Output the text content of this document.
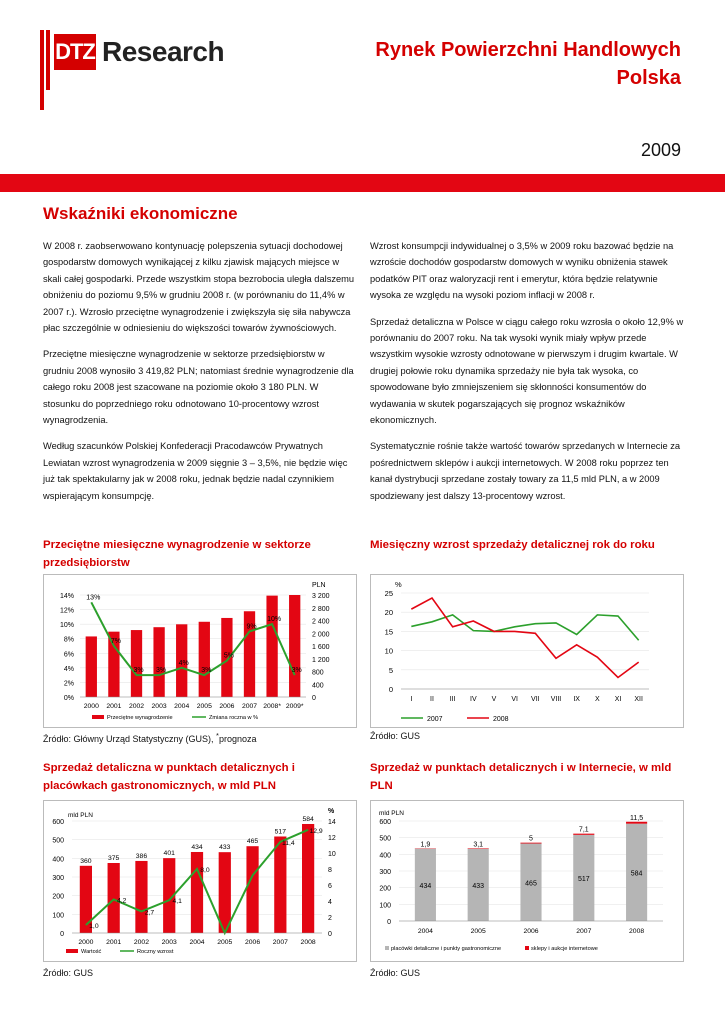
DTZ Research	Rynek Powierzchni Handlowych
Polska
2009
Wskaźniki ekonomiczne

W 2008 r. zaobserwowano kontynuację polepszenia sytuacji dochodowej gospodarstw domowych wynikającej z kilku zjawisk mających miejsce w skali całej gospodarki. Przede wszystkim stopa bezrobocia uległa dalszemu obniżeniu do poziomu 9,5% w grudniu 2008 r. (w porównaniu do 11,4% w 2007 r.). Wzrosło przeciętne wynagrodzenie i zwiększyła się siła nabywcza płac szczególnie w odniesieniu do większości towarów żywnościowych.

Przeciętne miesięczne wynagrodzenie w sektorze przedsiębiorstw w grudniu 2008 wynosiło 3 419,82 PLN; natomiast średnie wynagrodzenie dla całego roku 2008 jest szacowane na poziomie około 3 180 PLN. W stosunku do poprzedniego roku odnotowano 10-procentowy wzrost wynagrodzenia.

Według szacunków Polskiej Konfederacji Pracodawców Prywatnych Lewiatan wzrost wynagrodzenia w 2009 sięgnie 3 – 3,5%, nie będzie więc już tak spektakularny jak w 2008 roku, jednak będzie nadal czynnikiem wspierającym konsumpcję.

Wzrost konsumpcji indywidualnej o 3,5% w 2009 roku bazować będzie na wzroście dochodów gospodarstw domowych w wyniku obniżenia stawek podatków PIT oraz waloryzacji rent i emerytur, która będzie relatywnie wysoka ze względu na wysoki poziom inflacji w 2008 r.

Sprzedaż detaliczna w Polsce w ciągu całego roku wzrosła o około 12,9% w porównaniu do 2007 roku. Na tak wysoki wynik miały wpływ przede wszystkim wysokie wzrosty odnotowane w pierwszym i drugim kwartale. W drugiej połowie roku dynamika sprzedaży nie była tak wysoka, co spowodowane było zmniejszeniem się skłonności konsumentów do wydawania w skutek pogarszających się prognoz wskaźników ekonomicznych.

Systematycznie rośnie także wartość towarów sprzedanych w Internecie za pośrednictwem sklepów i aukcji internetowych. W 2008 roku poprzez ten kanał dystrybucji sprzedane zostały towary za 11,5 mld PLN, a w 2009 spodziewany jest dalszy 13-procentowy wzrost.

Przeciętne miesięczne wynagrodzenie w sektorze przedsiębiorstw
0%
2%
4%
6%
8%
10%
12%
14%
0
400
800
1 200
1 600
2 000
2 400
2 800
3 200
PLN
13%
7%
3% 3%
4%
3%
5%
9%
10%
3%
2000 2001 2002 2003 2004 2005 2006 2007 2008* 2009*
Przeciętne wynagrodzenie	Zmiana roczna w %
Źródło: Główny Urząd Statystyczny (GUS), *prognoza
Miesięczny wzrost sprzedaży detalicznej rok do roku
0
5
10
15
20
25
%
I	II III IV V VI VII VIII IX X XI XII
2007	2008
Źródło: GUS
Sprzedaż detaliczna w punktach detalicznych i placówkach gastronomicznych, w mld PLN
0
100
200
300
400
500
600
0
2
4
6
8
10
12
14
mld PLN
%
360 375 386 401
434 433
465
517
584
1,0
4,2
2,7
4,1
8,0
11,4
12,9
2000 2001 2002 2003 2004 2005 2006 2007 2008
Wartość	Roczny wzrost
Źródło: GUS
Sprzedaż w punktach detalicznych i w Internecie, w mld PLN
0
100
200
300
400
500
600
mld PLN
434
1,9
2004
433
3,1
2005
465
5
2006
517
7,1
2007
584
11,5
2008
placówki detaliczne i punkty gastronomiczne	sklepy i aukcje internetowe
Źródło: GUS
